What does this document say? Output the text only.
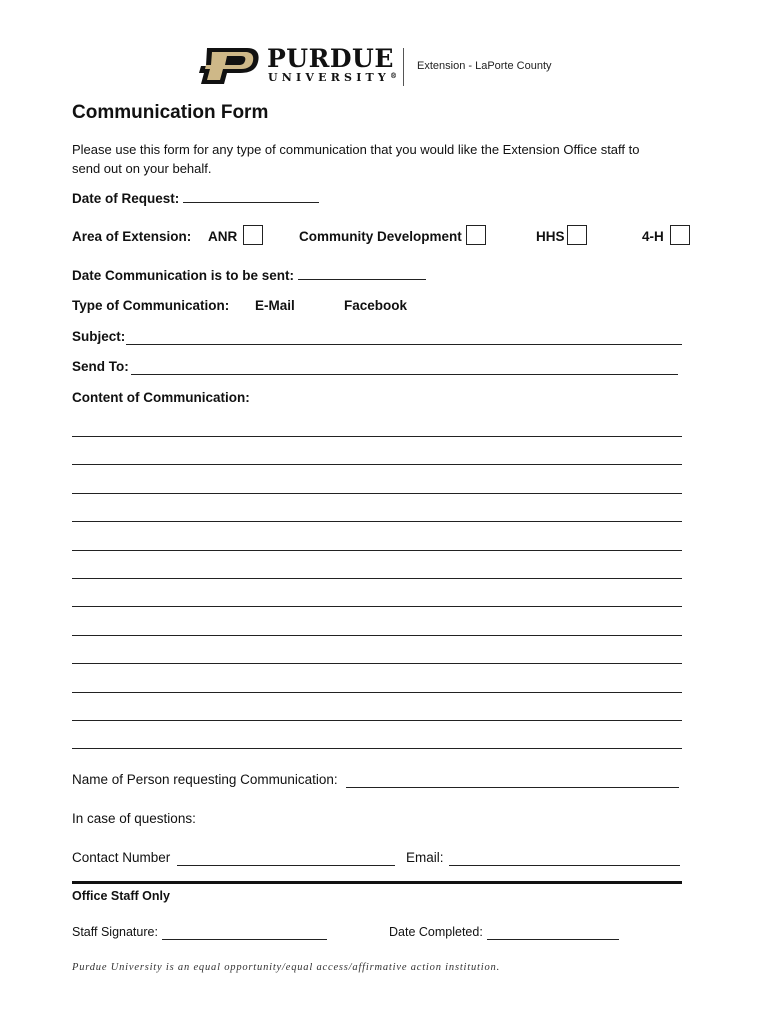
PURDUE
UNIVERSITY®
Extension - LaPorte County
Communication Form
Please use this form for any type of communication that you would like the Extension Office staff to
send out on your behalf.
Date of Request:
Area of Extension: ANR	Community Development	HHS	4-H
Date Communication is to be sent:
Type of Communication: E-Mail	Facebook
Subject:
Send To:
Content of Communication:
Name of Person requesting Communication:
In case of questions:
Contact Number	Email:
Office Staff Only
Staff Signature:	Date Completed:
Purdue University is an equal opportunity/equal access/affirmative action institution.
